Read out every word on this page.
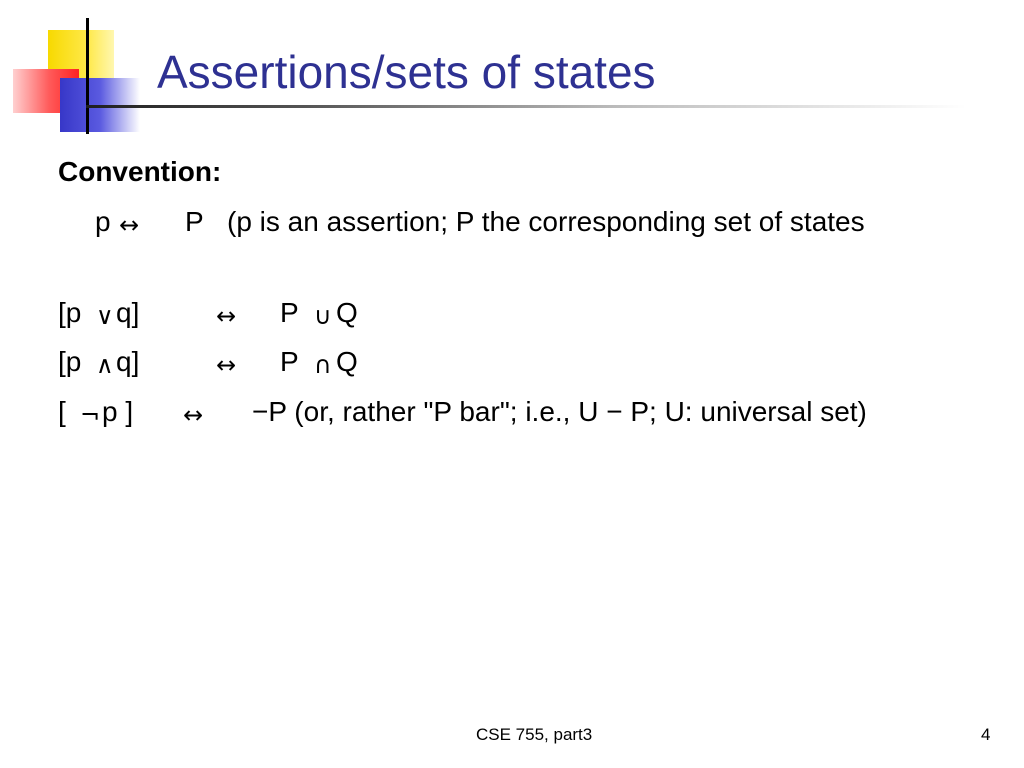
Assertions/sets of states
Convention:
p ↔ P (p is an assertion; P the corresponding set of states
[p ∨ q]	↔ P ∪ Q
[p ∧ q]	↔ P ∩ Q
[ ¬ p ] ↔ −P (or, rather "P bar"; i.e., U − P; U: universal set)
CSE 755, part3	4
